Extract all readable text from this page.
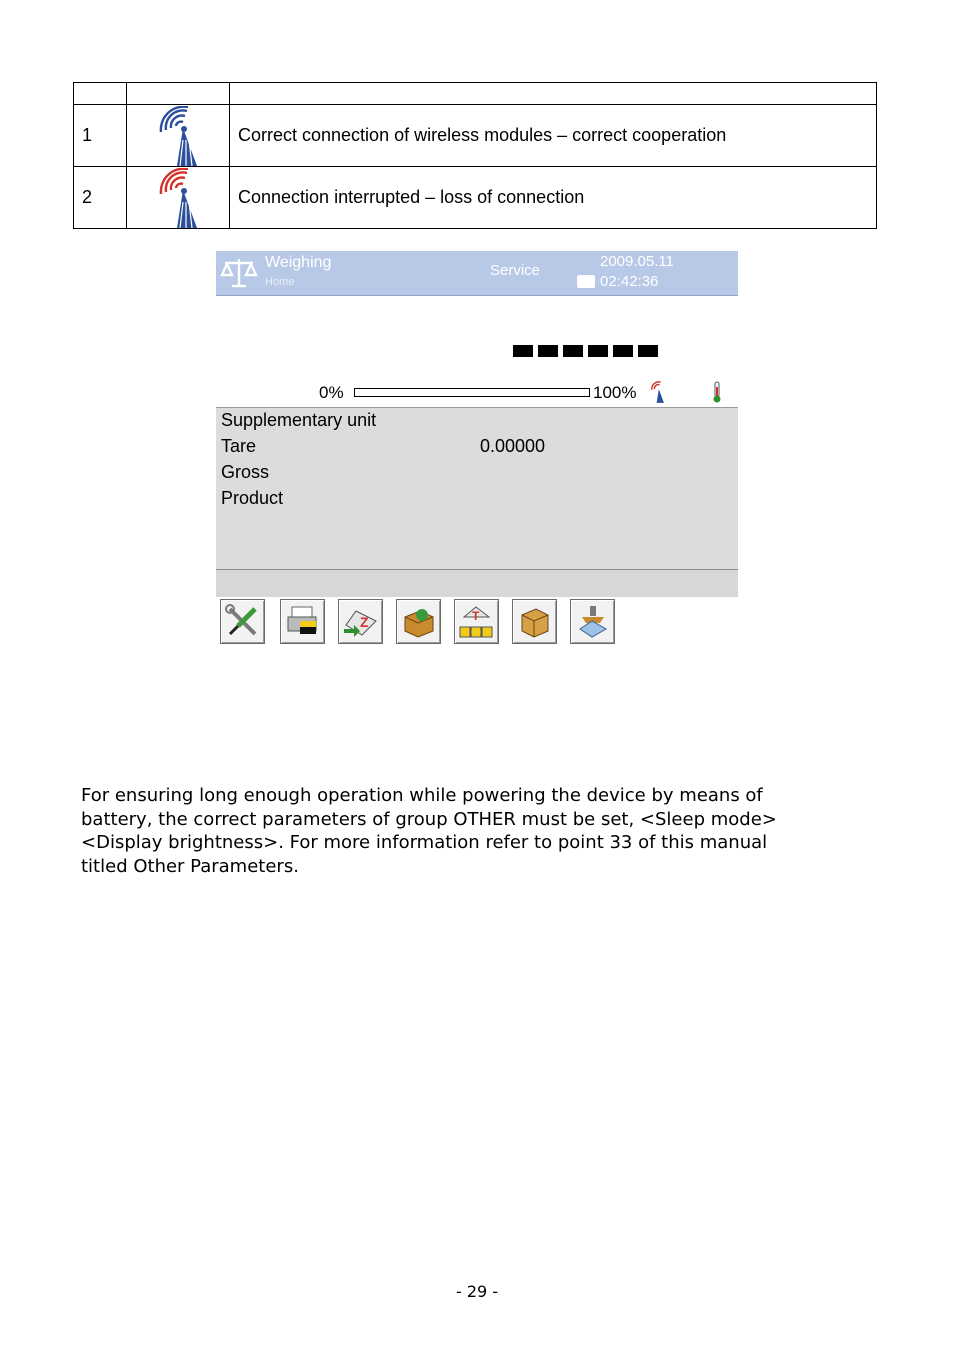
1		Correct connection of wireless modules – correct cooperation
2		Connection interrupted – loss of connection
Weighing
Home
Service
2009.05.11
02:42:36
0%	100%
Supplementary unit
Tare	0.00000
Gross
Product
Z	T
For ensuring long enough operation while powering the device by means of
battery, the correct parameters of group OTHER must be set, <Sleep mode>
<Display brightness>. For more information refer to point 33 of this manual
titled Other Parameters.
- 29 -
